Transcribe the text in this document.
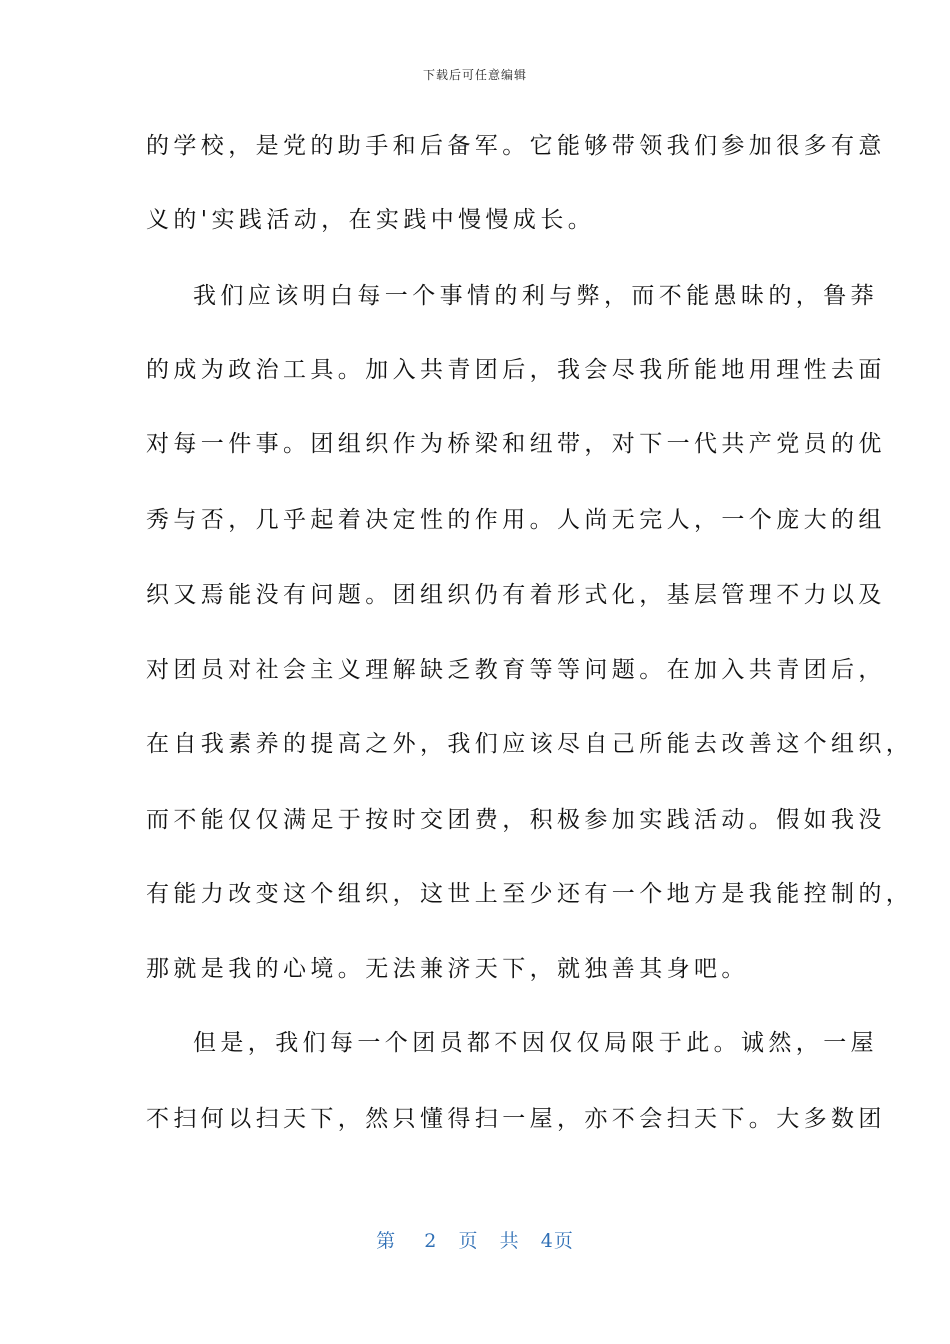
下载后可任意编辑
的学校，是党的助手和后备军。它能够带领我们参加很多有意
义的'实践活动，在实践中慢慢成长。
我们应该明白每一个事情的利与弊，而不能愚昧的，鲁莽
的成为政治工具。加入共青团后，我会尽我所能地用理性去面
对每一件事。团组织作为桥梁和纽带，对下一代共产党员的优
秀与否，几乎起着决定性的作用。人尚无完人，一个庞大的组
织又焉能没有问题。团组织仍有着形式化，基层管理不力以及
对团员对社会主义理解缺乏教育等等问题。在加入共青团后，
在自我素养的提高之外，我们应该尽自己所能去改善这个组织，
而不能仅仅满足于按时交团费，积极参加实践活动。假如我没
有能力改变这个组织，这世上至少还有一个地方是我能控制的，
那就是我的心境。无法兼济天下，就独善其身吧。
但是，我们每一个团员都不因仅仅局限于此。诚然，一屋
不扫何以扫天下，然只懂得扫一屋，亦不会扫天下。大多数团
第 2 页 共 4页
